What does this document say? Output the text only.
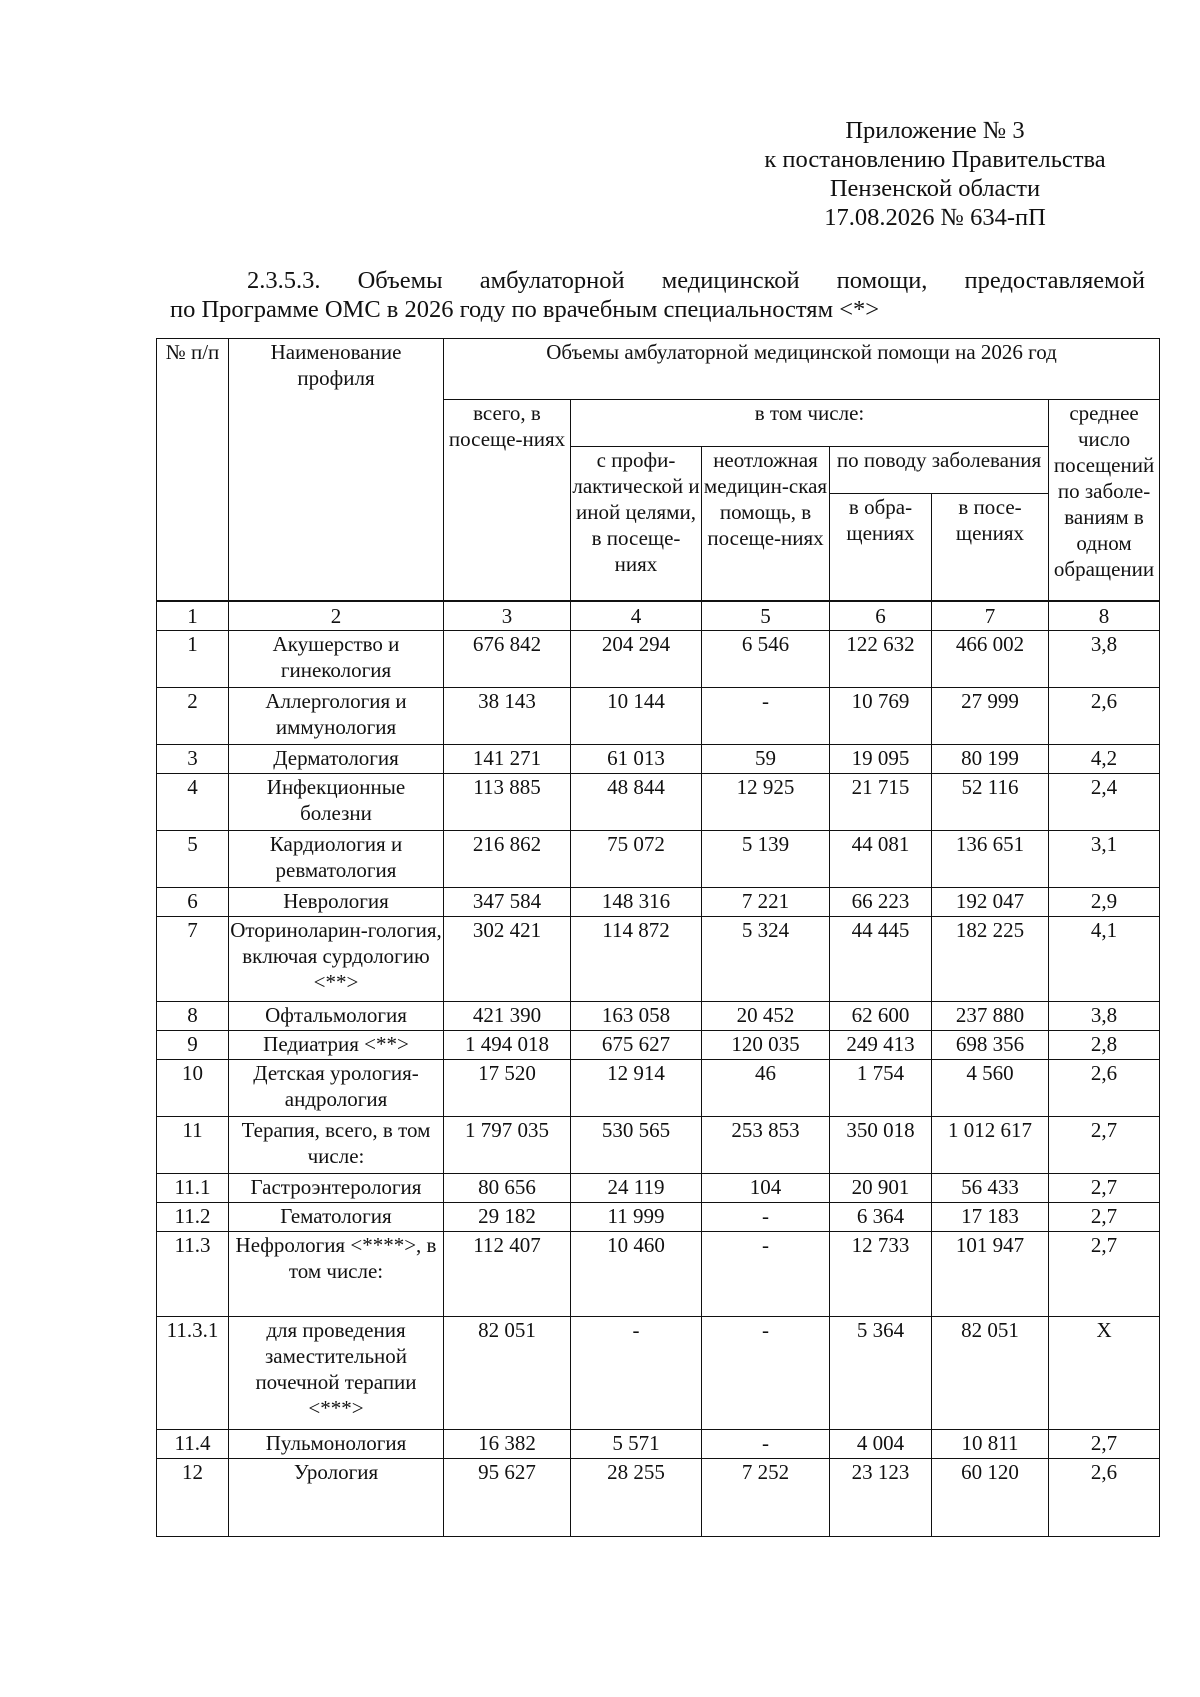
Приложение № 3
к постановлению Правительства
Пензенской области
17.08.2026 № 634-пП
2.3.5.3. Объемы амбулаторной медицинской помощи, предоставляемой
по Программе ОМС в 2026 году по врачебным специальностям <*>
№ п/п	Наименование профиля	Объемы амбулаторной медицинской помощи на 2026 год					
		всего, в посеще-ниях	в том числе:				среднее число посещений по заболе-ваниям в одном обращении
			с профи-лактической и иной целями, в посеще-ниях	неотложная медицин-ская помощь, в посеще-ниях	по поводу заболевания		
					в обра-щениях	в посе-щениях	
1	2	3	4	5	6	7	8
1	Акушерство и гинекология	676 842	204 294	6 546	122 632	466 002	3,8
2	Аллергология и иммунология	38 143	10 144	-	10 769	27 999	2,6
3	Дерматология	141 271	61 013	59	19 095	80 199	4,2
4	Инфекционные болезни	113 885	48 844	12 925	21 715	52 116	2,4
5	Кардиология и ревматология	216 862	75 072	5 139	44 081	136 651	3,1
6	Неврология	347 584	148 316	7 221	66 223	192 047	2,9
7	Оториноларин-гология, включая сурдологию <**>	302 421	114 872	5 324	44 445	182 225	4,1
8	Офтальмология	421 390	163 058	20 452	62 600	237 880	3,8
9	Педиатрия <**>	1 494 018	675 627	120 035	249 413	698 356	2,8
10	Детская урология-андрология	17 520	12 914	46	1 754	4 560	2,6
11	Терапия, всего, в том числе:	1 797 035	530 565	253 853	350 018	1 012 617	2,7
11.1	Гастроэнтерология	80 656	24 119	104	20 901	56 433	2,7
11.2	Гематология	29 182	11 999	-	6 364	17 183	2,7
11.3	Нефрология <****>, в том числе:	112 407	10 460	-	12 733	101 947	2,7
11.3.1	для проведения заместительной почечной терапии <***>	82 051	-	-	5 364	82 051	Х
11.4	Пульмонология	16 382	5 571	-	4 004	10 811	2,7
12	Урология	95 627	28 255	7 252	23 123	60 120	2,6
